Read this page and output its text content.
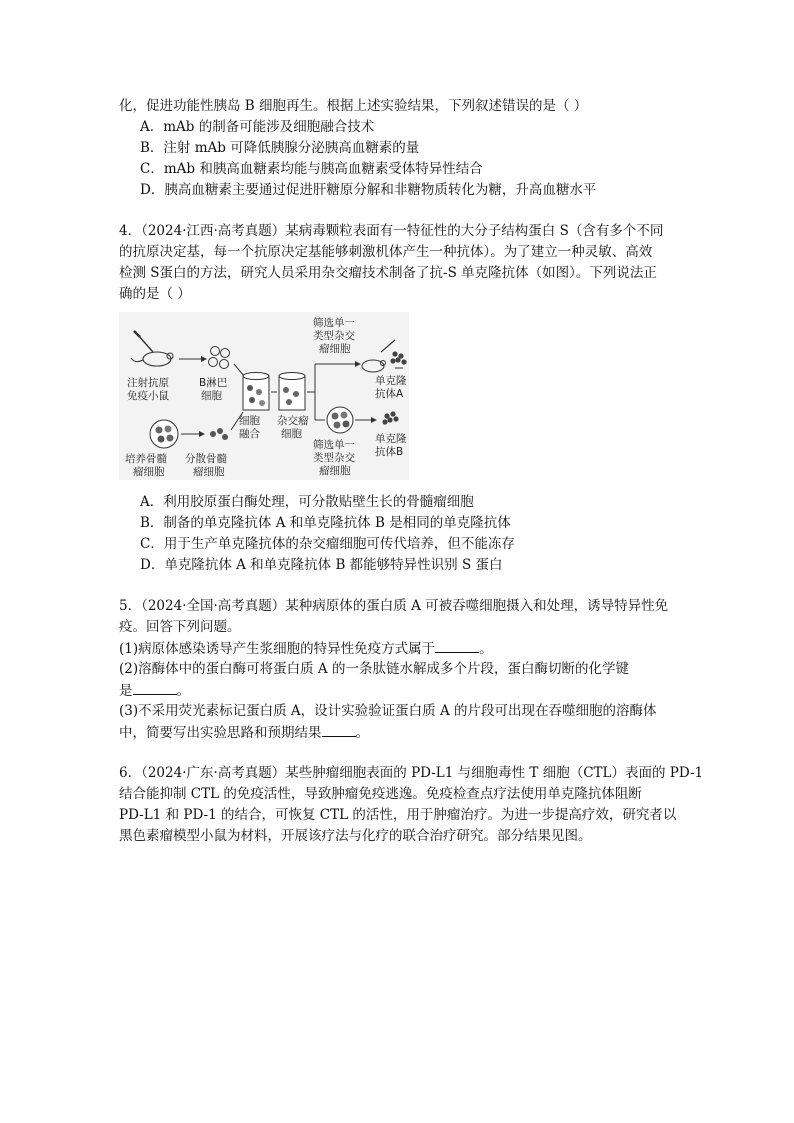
化，促进功能性胰岛 B 细胞再生。根据上述实验结果，下列叙述错误的是（ ）
A．mAb 的制备可能涉及细胞融合技术
B．注射 mAb 可降低胰腺分泌胰高血糖素的量
C．mAb 和胰高血糖素均能与胰高血糖素受体特异性结合
D．胰高血糖素主要通过促进肝糖原分解和非糖物质转化为糖，升高血糖水平
4．（2024·江西·高考真题）某病毒颗粒表面有一特征性的大分子结构蛋白 S（含有多个不同
的抗原决定基，每一个抗原决定基能够刺激机体产生一种抗体）。为了建立一种灵敏、高效
检测 S蛋白的方法，研究人员采用杂交瘤技术制备了抗-S 单克隆抗体（如图）。下列说法正
确的是（ ）
注射抗原
免疫小鼠
B淋巴
细胞
细胞
融合
杂交瘤
细胞
筛选单一
类型杂交
瘤细胞
筛选单一
类型杂交
瘤细胞
单克隆
抗体A
单克隆
抗体B
培养骨髓
瘤细胞
分散骨髓
瘤细胞
A．利用胶原蛋白酶处理，可分散贴壁生长的骨髓瘤细胞
B．制备的单克隆抗体 A 和单克隆抗体 B 是相同的单克隆抗体
C．用于生产单克隆抗体的杂交瘤细胞可传代培养，但不能冻存
D．单克隆抗体 A 和单克隆抗体 B 都能够特异性识别 S 蛋白
5．（2024·全国·高考真题）某种病原体的蛋白质 A 可被吞噬细胞摄入和处理，诱导特异性免
疫。回答下列问题。
(1)病原体感染诱导产生浆细胞的特异性免疫方式属于	。
(2)溶酶体中的蛋白酶可将蛋白质 A 的一条肽链水解成多个片段，蛋白酶切断的化学键
是	。
(3)不采用荧光素标记蛋白质 A，设计实验验证蛋白质 A 的片段可出现在吞噬细胞的溶酶体
中，简要写出实验思路和预期结果	。
6．（2024·广东·高考真题）某些肿瘤细胞表面的 PD-L1 与细胞毒性 T 细胞（CTL）表面的 PD-1
结合能抑制 CTL 的免疫活性，导致肿瘤免疫逃逸。免疫检查点疗法使用单克隆抗体阻断
PD-L1 和 PD-1 的结合，可恢复 CTL 的活性，用于肿瘤治疗。为进一步提高疗效，研究者以
黑色素瘤模型小鼠为材料，开展该疗法与化疗的联合治疗研究。部分结果见图。
